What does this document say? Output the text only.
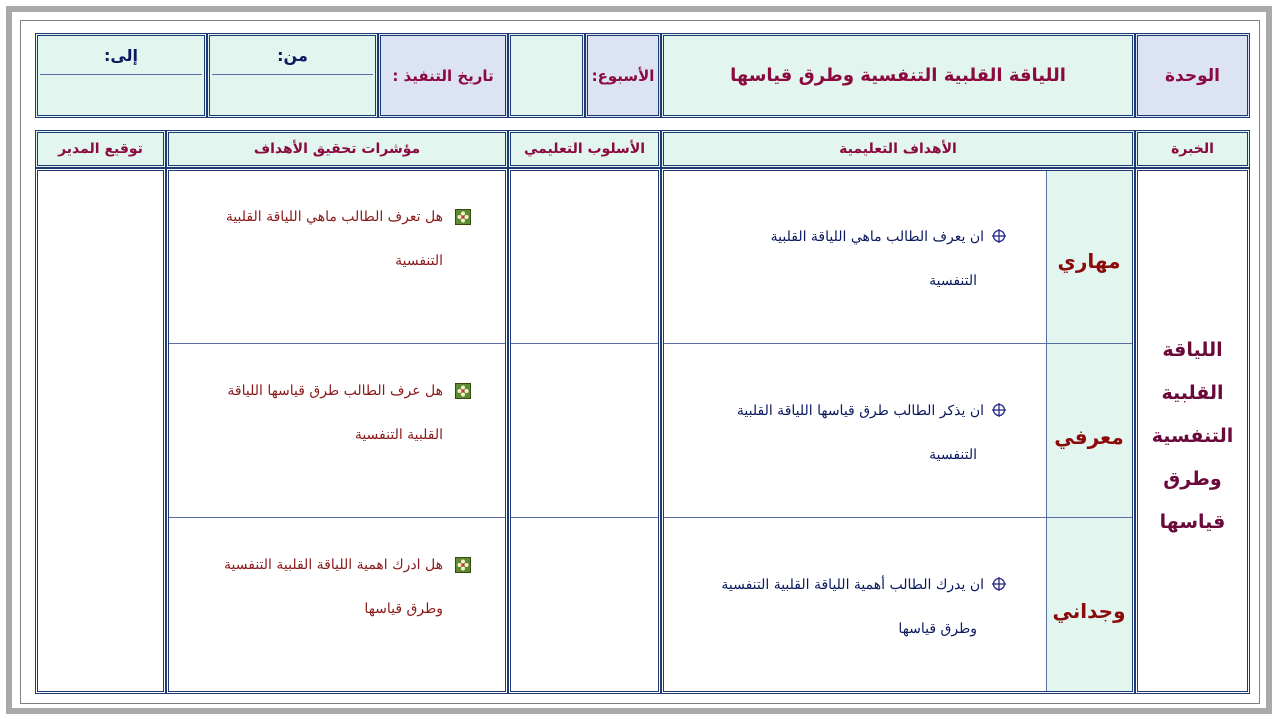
الوحدة
اللياقة القلبية التنفسية وطرق قياسها
الأسبوع:
تاريخ التنفيذ :
من:
إلى:
الخبرة
الأهداف التعليمية
الأسلوب التعليمي
مؤشرات تحقيق الأهداف
توقيع المدير
اللياقة
القلبية
التنفسية
وطرق
قياسها
مهاري
ان يعرف الطالب ماهي اللياقة القلبية
التنفسية
معرفي
ان يذكر الطالب طرق قياسها اللياقة القلبية
التنفسية
وجداني
ان يدرك الطالب أهمية اللياقة القلبية التنفسية
وطرق قياسها
هل تعرف الطالب ماهي اللياقة القلبية
التنفسية
هل عرف الطالب طرق قياسها اللياقة
القلبية التنفسية
هل ادرك اهمية اللياقة القلبية التنفسية
وطرق قياسها
